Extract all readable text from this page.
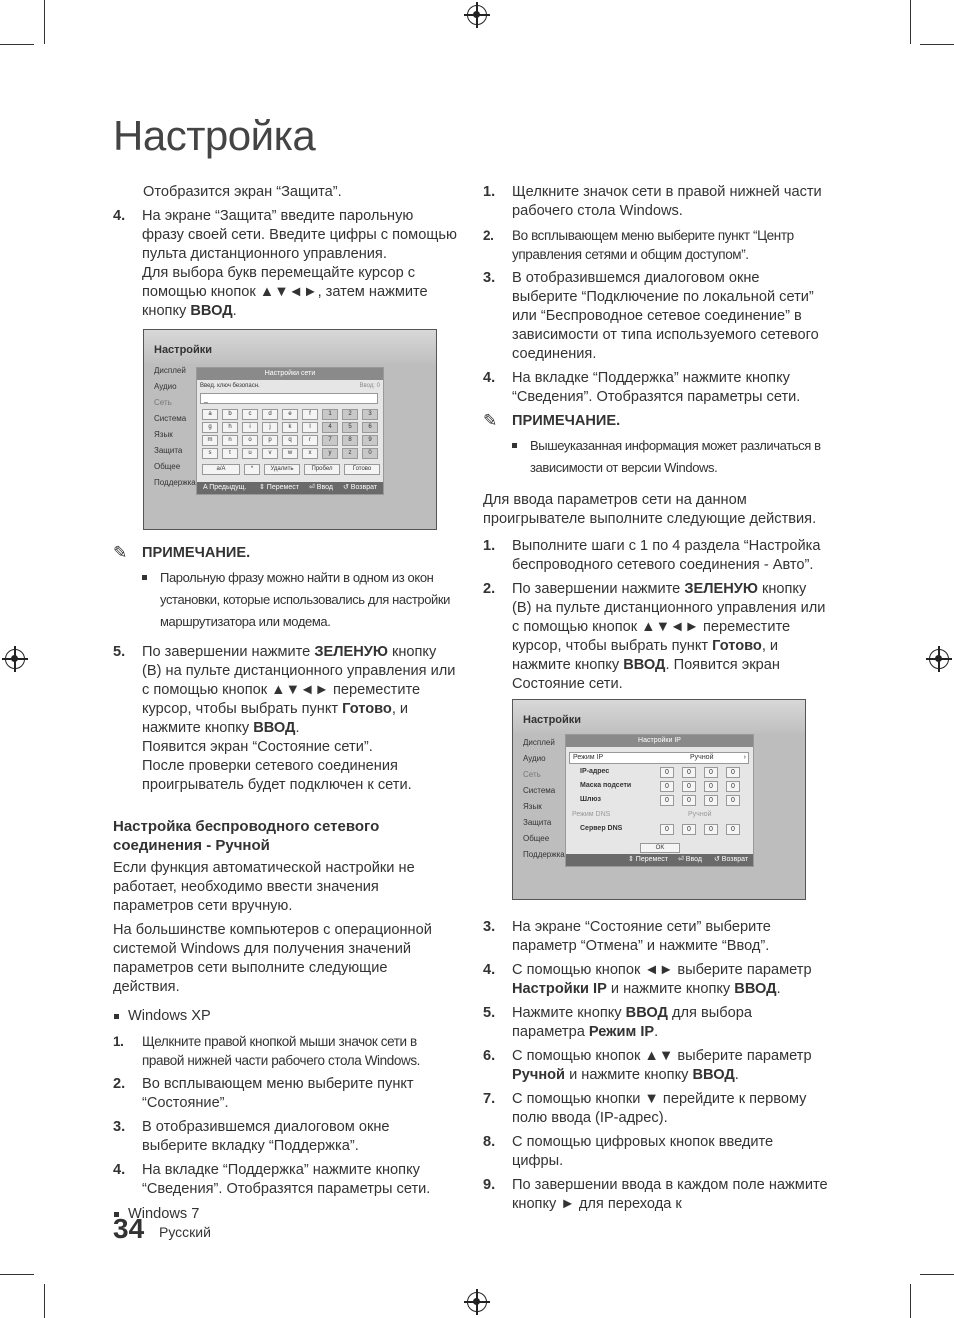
Настройка
Отобразится экран “Защита”.
4. На экране “Защита” введите парольную фразу своей сети. Введите цифры с помощью пульта дистанционного управления.
Для выбора букв перемещайте курсор с помощью кнопок ▲▼◄►, затем нажмите кнопку ВВОД.
Настройки
Дисплей
Аудио
Сеть
Система
Язык
Защита
Общее
Поддержка
Настройки сети
Введ. ключ безопасн.	Ввод: 0
_
a	b	c	d	e	f	1	2	3
g	h	i	j	k	l	4	5	6
m	n	o	p	q	r	7	8	9
s	t	u	v	w	x	y	z	0
a/A	*	Удалить	Пробел	Готово
A Предыдущ. ⇕ Перемест ⏎ Ввод ↺ Возврат
✎ ПРИМЕЧАНИЕ.
Парольную фразу можно найти в одном из окон установки, которые использовались для настройки маршрутизатора или модема.
5. По завершении нажмите ЗЕЛЕНУЮ кнопку (B) на пульте дистанционного управления или с помощью кнопок ▲▼◄► переместите курсор, чтобы выбрать пункт Готово, и нажмите кнопку ВВОД.
Появится экран “Состояние сети”.
После проверки сетевого соединения проигрыватель будет подключен к сети.
Настройка беспроводного сетевого соединения - Ручной
Если функция автоматической настройки не работает, необходимо ввести значения параметров сети вручную.
На большинстве компьютеров с операционной системой Windows для получения значений параметров сети выполните следующие действия.
Windows XP
1. Щелкните правой кнопкой мыши значок сети в правой нижней части рабочего стола Windows.
2. Во всплывающем меню выберите пункт “Состояние”.
3. В отобразившемся диалоговом окне выберите вкладку “Поддержка”.
4. На вкладке “Поддержка” нажмите кнопку “Сведения”. Отобразятся параметры сети.
Windows 7
1. Щелкните значок сети в правой нижней части рабочего стола Windows.
2. Во всплывающем меню выберите пункт “Центр управления сетями и общим доступом”.
3. В отобразившемся диалоговом окне выберите “Подключение по локальной сети” или “Беспроводное сетевое соединение” в зависимости от типа используемого сетевого соединения.
4. На вкладке “Поддержка” нажмите кнопку “Сведения”. Отобразятся параметры сети.
✎ ПРИМЕЧАНИЕ.
Вышеуказанная информация может различаться в зависимости от версии Windows.
Для ввода параметров сети на данном проигрывателе выполните следующие действия.
1. Выполните шаги с 1 по 4 раздела “Настройка беспроводного сетевого соединения - Авто”.
2. По завершении нажмите ЗЕЛЕНУЮ кнопку (B) на пульте дистанционного управления или с помощью кнопок ▲▼◄► переместите курсор, чтобы выбрать пункт Готово, и нажмите кнопку ВВОД. Появится экран Состояние сети.
Настройки
Дисплей
Аудио
Сеть
Система
Язык
Защита
Общее
Поддержка
Настройки IP
Режим IP	Ручной	›
IP-адрес	0	0	0	0
Маска подсети	0	0	0	0
Шлюз	0	0	0	0
Режим DNS	Ручной
Сервер DNS	0	0	0	0
OK
⇕ Перемест ⏎ Ввод ↺ Возврат
3. На экране “Состояние сети” выберите параметр “Отмена” и нажмите “Ввод”.
4. С помощью кнопок ◄► выберите параметр Настройки IP и нажмите кнопку ВВОД.
5. Нажмите кнопку ВВОД для выбора параметра Режим IP.
6. С помощью кнопок ▲▼ выберите параметр Ручной и нажмите кнопку ВВОД.
7. С помощью кнопки ▼ перейдите к первому полю ввода (IP-адрес).
8. С помощью цифровых кнопок введите цифры.
9. По завершении ввода в каждом поле нажмите кнопку ► для перехода к
34 Русский
